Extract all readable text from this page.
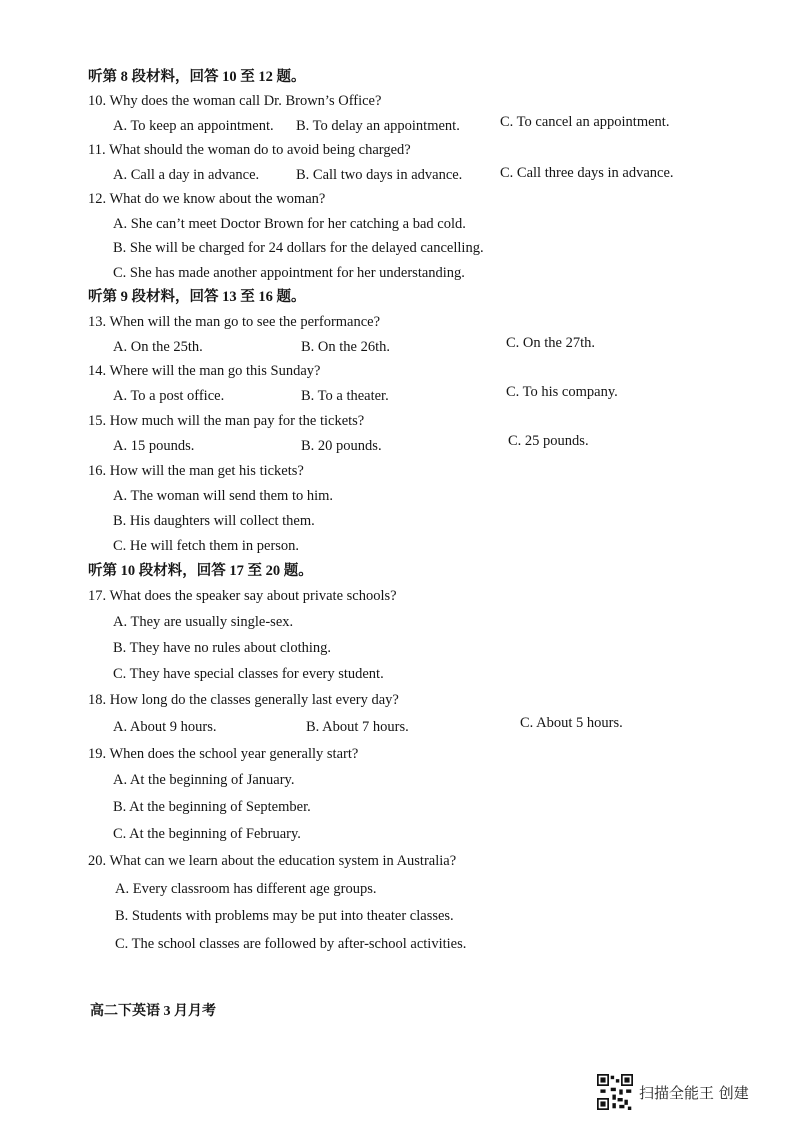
听第 8 段材料，回答 10 至 12 题。
10. Why does the woman call Dr. Brown’s Office?
A. To keep an appointment. B. To delay an appointment.	C. To cancel an appointment.
11. What should the woman do to avoid being charged?
A. Call a day in advance.	B. Call two days in advance.	C. Call three days in advance.
12. What do we know about the woman?
A. She can’t meet Doctor Brown for her catching a bad cold.
B. She will be charged for 24 dollars for the delayed cancelling.
C. She has made another appointment for her understanding.
听第 9 段材料，回答 13 至 16 题。
13. When will the man go to see the performance?
A. On the 25th.	B. On the 26th.	C. On the 27th.
14. Where will the man go this Sunday?
A. To a post office.	B. To a theater.	C. To his company.
15. How much will the man pay for the tickets?
A. 15 pounds.	B. 20 pounds.	C. 25 pounds.
16. How will the man get his tickets?
A. The woman will send them to him.
B. His daughters will collect them.
C. He will fetch them in person.
听第 10 段材料，回答 17 至 20 题。
17. What does the speaker say about private schools?
A. They are usually single-sex.
B. They have no rules about clothing.
C. They have special classes for every student.
18. How long do the classes generally last every day?
A. About 9 hours.	B. About 7 hours.	C. About 5 hours.
19. When does the school year generally start?
A. At the beginning of January.
B. At the beginning of September.
C. At the beginning of February.
20. What can we learn about the education system in Australia?
A. Every classroom has different age groups.
B. Students with problems may be put into theater classes.
C. The school classes are followed by after-school activities.
高二下英语 3 月月考
扫描全能王 创建
